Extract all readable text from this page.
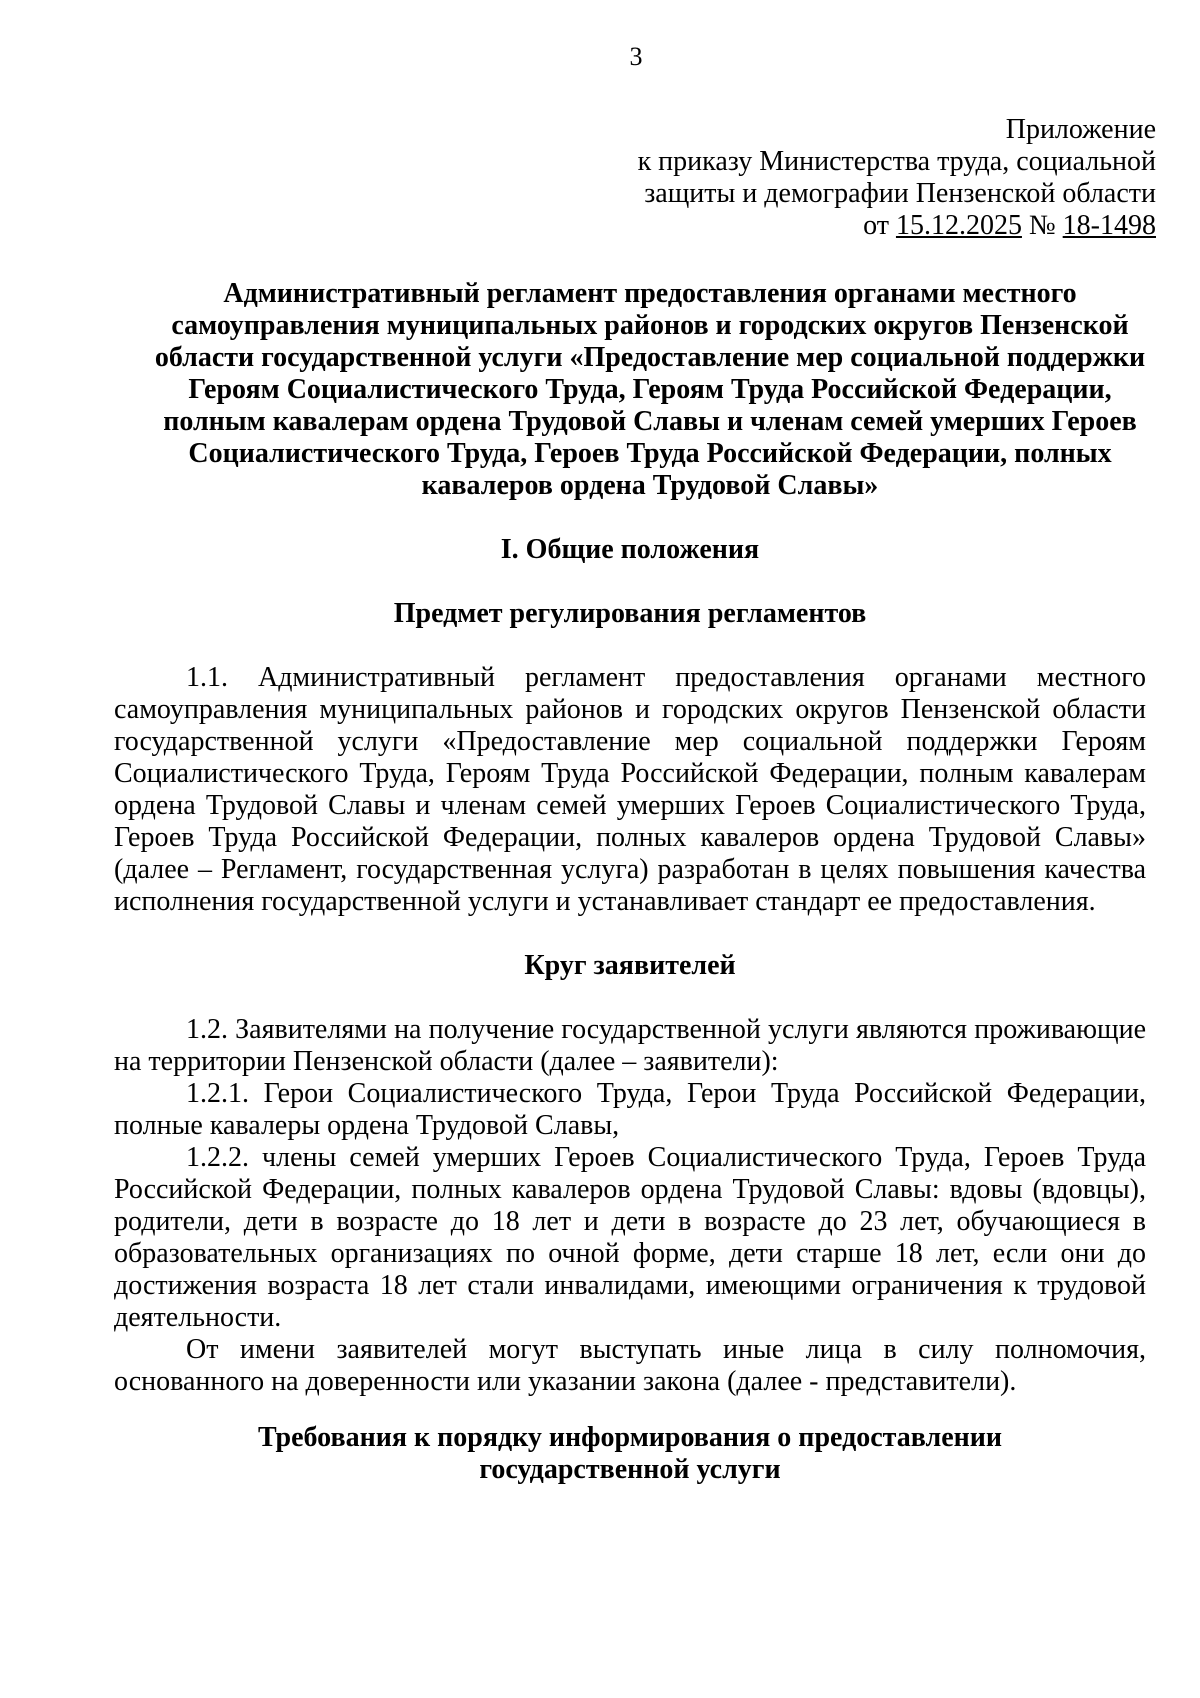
3
Приложение
к приказу Министерства труда, социальной
защиты и демографии Пензенской области
от 15.12.2025 № 18-1498
Административный регламент предоставления органами местного
самоуправления муниципальных районов и городских округов Пензенской
области государственной услуги «Предоставление мер социальной поддержки
Героям Социалистического Труда, Героям Труда Российской Федерации,
полным кавалерам ордена Трудовой Славы и членам семей умерших Героев
Социалистического Труда, Героев Труда Российской Федерации, полных
кавалеров ордена Трудовой Славы»
I. Общие положения
Предмет регулирования регламентов

1.1. Административный регламент предоставления органами местного самоуправления муниципальных районов и городских округов Пензенской области государственной услуги «Предоставление мер социальной поддержки Героям Социалистического Труда, Героям Труда Российской Федерации, полным кавалерам ордена Трудовой Славы и членам семей умерших Героев Социалистического Труда, Героев Труда Российской Федерации, полных кавалеров ордена Трудовой Славы» (далее – Регламент, государственная услуга) разработан в целях повышения качества исполнения государственной услуги и устанавливает стандарт ее предоставления.

Круг заявителей

1.2. Заявителями на получение государственной услуги являются проживающие на территории Пензенской области (далее – заявители):

1.2.1. Герои Социалистического Труда, Герои Труда Российской Федерации, полные кавалеры ордена Трудовой Славы,

1.2.2. члены семей умерших Героев Социалистического Труда, Героев Труда Российской Федерации, полных кавалеров ордена Трудовой Славы: вдовы (вдовцы), родители, дети в возрасте до 18 лет и дети в возрасте до 23 лет, обучающиеся в образовательных организациях по очной форме, дети старше 18 лет, если они до достижения возраста 18 лет стали инвалидами, имеющими ограничения к трудовой деятельности.

От имени заявителей могут выступать иные лица в силу полномочия, основанного на доверенности или указании закона (далее - представители).

Требования к порядку информирования о предоставлении
государственной услуги
